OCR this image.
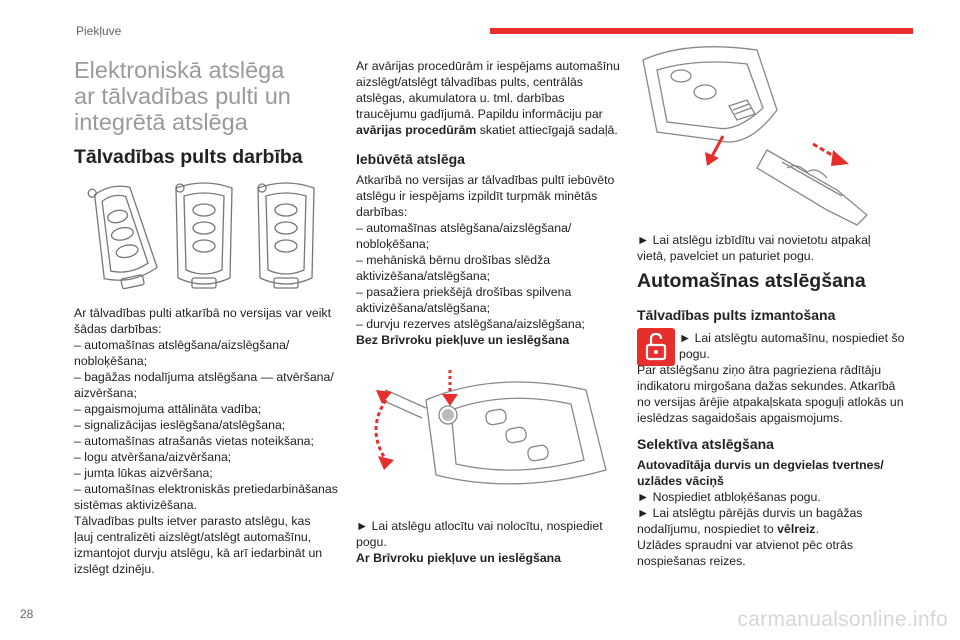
Piekļuve
Elektroniskā atslēga
ar tālvadības pulti un
integrētā atslēga
Tālvadības pults darbība
Ar tālvadības pulti atkarībā no versijas var veikt
šādas darbības:
– automašīnas atslēgšana/aizslēgšana/
nobloķēšana;
– bagāžas nodalījuma atslēgšana — atvēršana/
aizvēršana;
– apgaismojuma attālināta vadība;
– signalizācijas ieslēgšana/atslēgšana;
– automašīnas atrašanās vietas noteikšana;
– logu atvēršana/aizvēršana;
– jumta lūkas aizvēršana;
– automašīnas elektroniskās pretiedarbināšanas
sistēmas aktivizēšana.
Tālvadības pults ietver parasto atslēgu, kas
ļauj centralizēti aizslēgt/atslēgt automašīnu,
izmantojot durvju atslēgu, kā arī iedarbināt un
izslēgt dzinēju.
Ar avārijas procedūrām ir iespējams automašīnu
aizslēgt/atslēgt tālvadības pults, centrālās
atslēgas, akumulatora u. tml. darbības
traucējumu gadījumā. Papildu informāciju par
avārijas procedūrām skatiet attiecīgajā sadaļā.
Iebūvētā atslēga
Atkarībā no versijas ar tālvadības pultī iebūvēto
atslēgu ir iespējams izpildīt turpmāk minētās
darbības:
– automašīnas atslēgšana/aizslēgšana/
nobloķēšana;
– mehāniskā bērnu drošības slēdža
aktivizēšana/atslēgšana;
– pasažiera priekšējā drošības spilvena
aktivizēšana/atslēgšana;
– durvju rezerves atslēgšana/aizslēgšana;
Bez Brīvroku piekļuve un ieslēgšana
► Lai atslēgu atlocītu vai nolocītu, nospiediet
pogu.
Ar Brīvroku piekļuve un ieslēgšana
► Lai atslēgu izbīdītu vai novietotu atpakaļ
vietā, pavelciet un paturiet pogu.
Automašīnas atslēgšana
Tālvadības pults izmantošana
► Lai atslēgtu automašīnu, nospiediet šo
pogu.
Par atslēgšanu ziņo ātra pagrieziena rādītāju
indikatoru mirgošana dažas sekundes. Atkarībā
no versijas ārējie atpakaļskata spoguļi atlokās un
ieslēdzas sagaidošais apgaismojums.
Selektīva atslēgšana
Autovadītāja durvis un degvielas tvertnes/
uzlādes vāciņš
► Nospiediet atbloķēšanas pogu.
► Lai atslēgtu pārējās durvis un bagāžas
nodalījumu, nospiediet to vēlreiz.
Uzlādes spraudni var atvienot pēc otrās
nospiešanas reizes.
28	carmanualsonline.info
